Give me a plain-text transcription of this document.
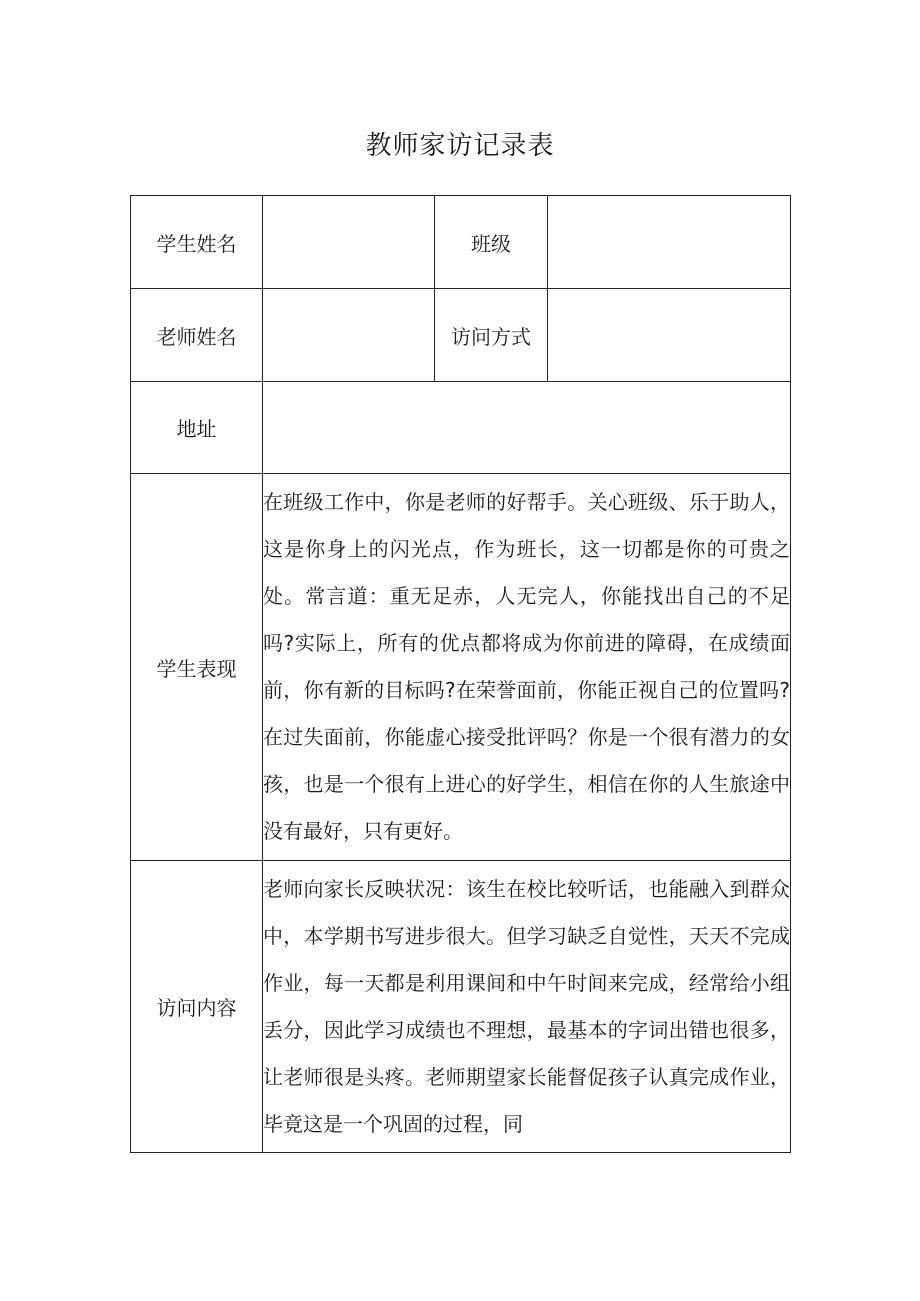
教师家访记录表
学生姓名		班级	
老师姓名		访问方式	
地址			
学生表现	在班级工作中，你是老师的好帮手。关心班级、乐于助人，这是你身上的闪光点，作为班长，这一切都是你的可贵之处。常言道：重无足赤，人无完人，你能找出自己的不足吗?实际上，所有的优点都将成为你前进的障碍，在成绩面前，你有新的目标吗?在荣誉面前，你能正视自己的位置吗?在过失面前，你能虚心接受批评吗？你是一个很有潜力的女孩，也是一个很有上进心的好学生，相信在你的人生旅途中没有最好，只有更好。		

访问内容	老师向家长反映状况：该生在校比较听话，也能融入到群众中，本学期书写进步很大。但学习缺乏自觉性，天天不完成作业，每一天都是利用课间和中午时间来完成，经常给小组丢分，因此学习成绩也不理想，最基本的字词出错也很多，让老师很是头疼。老师期望家长能督促孩子认真完成作业，毕竟这是一个巩固的过程，同		
